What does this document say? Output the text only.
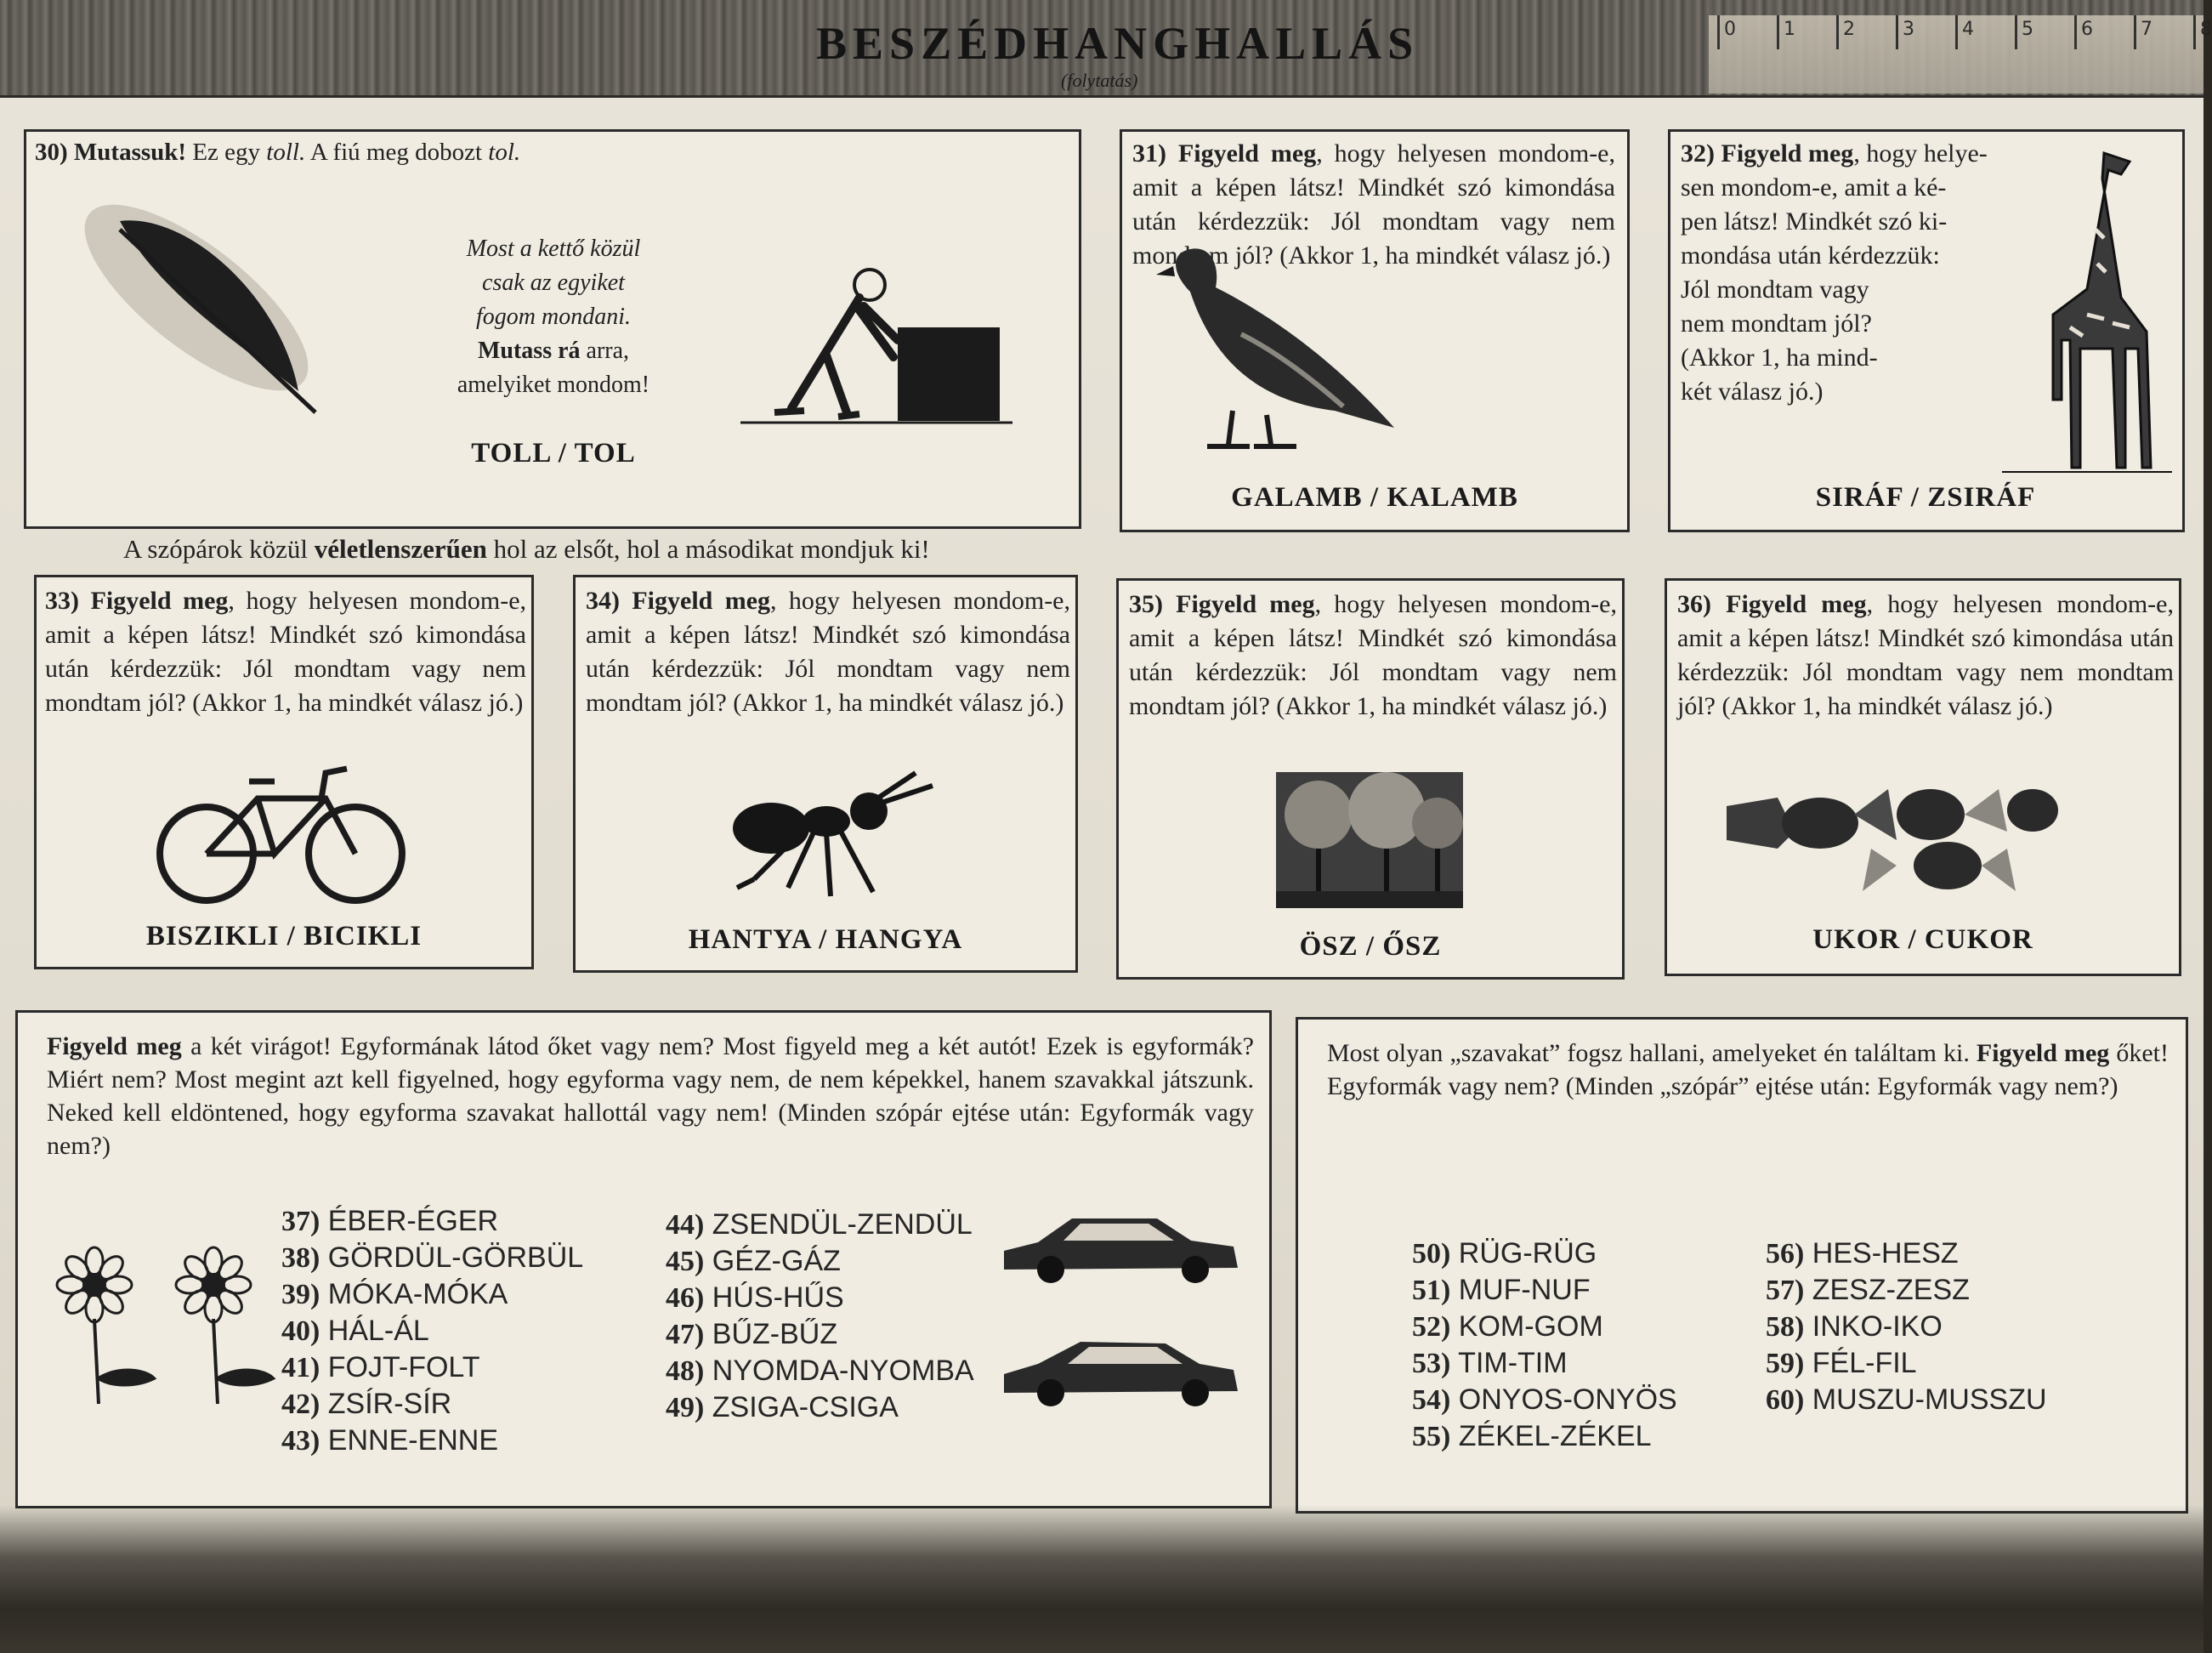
BESZÉDHANGHALLÁS
(folytatás)
0	1	2	3	4	5	6	7	8
30) Mutassuk! Ez egy toll. A fiú meg dobozt tol.
Most a kettő közül
csak az egyiket
fogom mondani.
Mutass rá arra,
amelyiket mondom!
TOLL / TOL
31) Figyeld meg, hogy helyesen mondom-e, amit a képen látsz! Mindkét szó kimondása után kérdezzük: Jól mondtam vagy nem mondtam jól? (Akkor 1, ha mindkét válasz jó.)
GALAMB / KALAMB
32) Figyeld meg, hogy helye-
sen mondom-e, amit a ké-
pen látsz! Mindkét szó ki-
mondása után kérdezzük:
Jól mondtam vagy
nem mondtam jól?
(Akkor 1, ha mind-
két válasz jó.)
SIRÁF / ZSIRÁF
A szópárok közül véletlenszerűen hol az elsőt, hol a másodikat mondjuk ki!
33) Figyeld meg, hogy helyesen mondom-e, amit a képen látsz! Mindkét szó kimondása után kérdezzük: Jól mondtam vagy nem mondtam jól? (Akkor 1, ha mindkét válasz jó.)
BISZIKLI / BICIKLI
34) Figyeld meg, hogy helyesen mondom-e, amit a képen látsz! Mindkét szó kimondása után kérdezzük: Jól mondtam vagy nem mondtam jól? (Akkor 1, ha mindkét válasz jó.)
HANTYA / HANGYA
35) Figyeld meg, hogy helyesen mondom-e, amit a képen látsz! Mindkét szó kimondása után kérdezzük: Jól mondtam vagy nem mondtam jól? (Akkor 1, ha mindkét válasz jó.)
ÖSZ / ŐSZ
36) Figyeld meg, hogy helyesen mondom-e, amit a képen látsz! Mindkét szó kimondása után kérdezzük: Jól mondtam vagy nem mondtam jól? (Akkor 1, ha mindkét válasz jó.)
UKOR / CUKOR
Figyeld meg a két virágot! Egyformának látod őket vagy nem? Most figyeld meg a két autót! Ezek is egyformák? Miért nem? Most megint azt kell figyelned, hogy egyforma vagy nem, de nem képekkel, hanem szavakkal játszunk. Neked kell eldöntened, hogy egyforma szavakat hallottál vagy nem! (Minden szópár ejtése után: Egyformák vagy nem?)
37) ÉBER-ÉGER
38) GÖRDÜL-GÖRBÜL
39) MÓKA-MÓKA
40) HÁL-ÁL
41) FOJT-FOLT
42) ZSÍR-SÍR
43) ENNE-ENNE
44) ZSENDÜL-ZENDÜL
45) GÉZ-GÁZ
46) HÚS-HŰS
47) BŰZ-BŰZ
48) NYOMDA-NYOMBA
49) ZSIGA-CSIGA
Most olyan „szavakat” fogsz hallani, amelyeket én találtam ki. Figyeld meg őket! Egyformák vagy nem? (Minden „szópár” ejtése után: Egyformák vagy nem?)
50) RÜG-RÜG
51) MUF-NUF
52) KOM-GOM
53) TIM-TIM
54) ONYOS-ONYÖS
55) ZÉKEL-ZÉKEL
56) HES-HESZ
57) ZESZ-ZESZ
58) INKO-IKO
59) FÉL-FIL
60) MUSZU-MUSSZU
